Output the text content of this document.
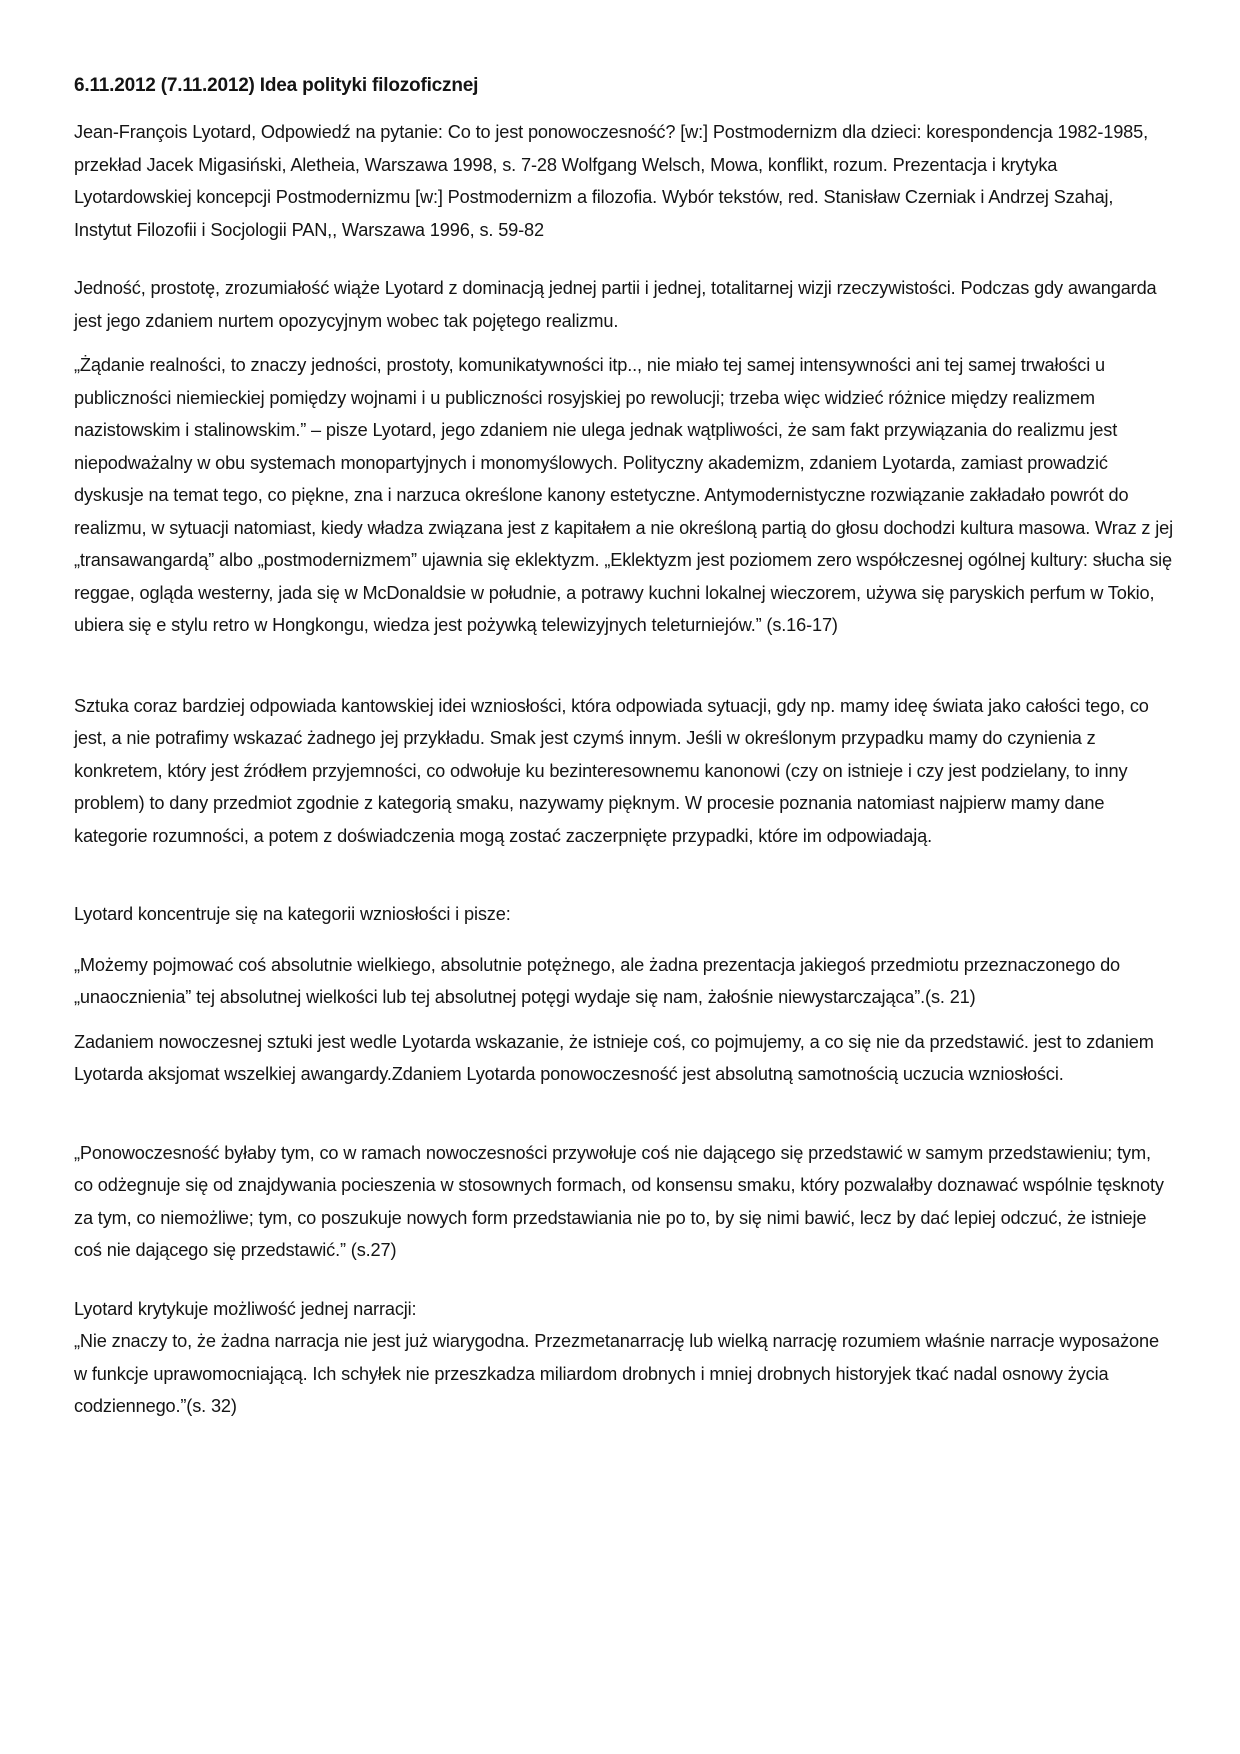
6.11.2012 (7.11.2012) Idea polityki filozoficznej

Jean-François Lyotard, Odpowiedź na pytanie: Co to jest ponowoczesność? [w:] Postmodernizm dla dzieci: korespondencja 1982-1985, przekład Jacek Migasiński, Aletheia, Warszawa 1998, s. 7-28 Wolfgang Welsch, Mowa, konflikt, rozum. Prezentacja i krytyka Lyotardowskiej koncepcji Postmodernizmu [w:] Postmodernizm a filozofia. Wybór tekstów, red. Stanisław Czerniak i Andrzej Szahaj, Instytut Filozofii i Socjologii PAN,, Warszawa 1996, s. 59-82

Jedność, prostotę, zrozumiałość wiąże Lyotard z dominacją jednej partii i jednej, totalitarnej wizji rzeczywistości. Podczas gdy awangarda jest jego zdaniem nurtem opozycyjnym wobec tak pojętego realizmu.

„Żądanie realności, to znaczy jedności, prostoty, komunikatywności itp.., nie miało tej samej intensywności ani tej samej trwałości u publiczności niemieckiej pomiędzy wojnami i u publiczności rosyjskiej po rewolucji; trzeba więc widzieć różnice między realizmem nazistowskim i stalinowskim.” – pisze Lyotard, jego zdaniem nie ulega jednak wątpliwości, że sam fakt przywiązania do realizmu jest niepodważalny w obu systemach monopartyjnych i monomyślowych. Polityczny akademizm, zdaniem Lyotarda, zamiast prowadzić dyskusje na temat tego, co piękne, zna i narzuca określone kanony estetyczne. Antymodernistyczne rozwiązanie zakładało powrót do realizmu, w sytuacji natomiast, kiedy władza związana jest z kapitałem a nie określoną partią do głosu dochodzi kultura masowa. Wraz z jej „transawangardą” albo „postmodernizmem” ujawnia się eklektyzm. „Eklektyzm jest poziomem zero współczesnej ogólnej kultury: słucha się reggae, ogląda westerny, jada się w McDonaldsie w południe, a potrawy kuchni lokalnej wieczorem, używa się paryskich perfum w Tokio, ubiera się e stylu retro w Hongkongu, wiedza jest pożywką telewizyjnych teleturniejów.” (s.16-17)

Sztuka coraz bardziej odpowiada kantowskiej idei wzniosłości, która odpowiada sytuacji, gdy np. mamy ideę świata jako całości tego, co jest, a nie potrafimy wskazać żadnego jej przykładu. Smak jest czymś innym. Jeśli w określonym przypadku mamy do czynienia z konkretem, który jest źródłem przyjemności, co odwołuje ku bezinteresownemu kanonowi (czy on istnieje i czy jest podzielany, to inny problem) to dany przedmiot zgodnie z kategorią smaku, nazywamy pięknym. W procesie poznania natomiast najpierw mamy dane kategorie rozumności, a potem z doświadczenia mogą zostać zaczerpnięte przypadki, które im odpowiadają.

Lyotard koncentruje się na kategorii wzniosłości i pisze:

„Możemy pojmować coś absolutnie wielkiego, absolutnie potężnego, ale żadna prezentacja jakiegoś przedmiotu przeznaczonego do „unaocznienia” tej absolutnej wielkości lub tej absolutnej potęgi wydaje się nam, żałośnie niewystarczająca”.(s. 21)

Zadaniem nowoczesnej sztuki jest wedle Lyotarda wskazanie, że istnieje coś, co pojmujemy, a co się nie da przedstawić. jest to zdaniem Lyotarda aksjomat wszelkiej awangardy.Zdaniem Lyotarda ponowoczesność jest absolutną samotnością uczucia wzniosłości.

„Ponowoczesność byłaby tym, co w ramach nowoczesności przywołuje coś nie dającego się przedstawić w samym przedstawieniu; tym, co odżegnuje się od znajdywania pocieszenia w stosownych formach, od konsensu smaku, który pozwalałby doznawać wspólnie tęsknoty za tym, co niemożliwe; tym, co poszukuje nowych form przedstawiania nie po to, by się nimi bawić, lecz by dać lepiej odczuć, że istnieje coś nie dającego się przedstawić.” (s.27)

Lyotard krytykuje możliwość jednej narracji:

„Nie znaczy to, że żadna narracja nie jest już wiarygodna. Przezmetanarrację lub wielką narrację rozumiem właśnie narracje wyposażone w funkcje uprawomocniającą. Ich schyłek nie przeszkadza miliardom drobnych i mniej drobnych historyjek tkać nadal osnowy życia codziennego.”(s. 32)
